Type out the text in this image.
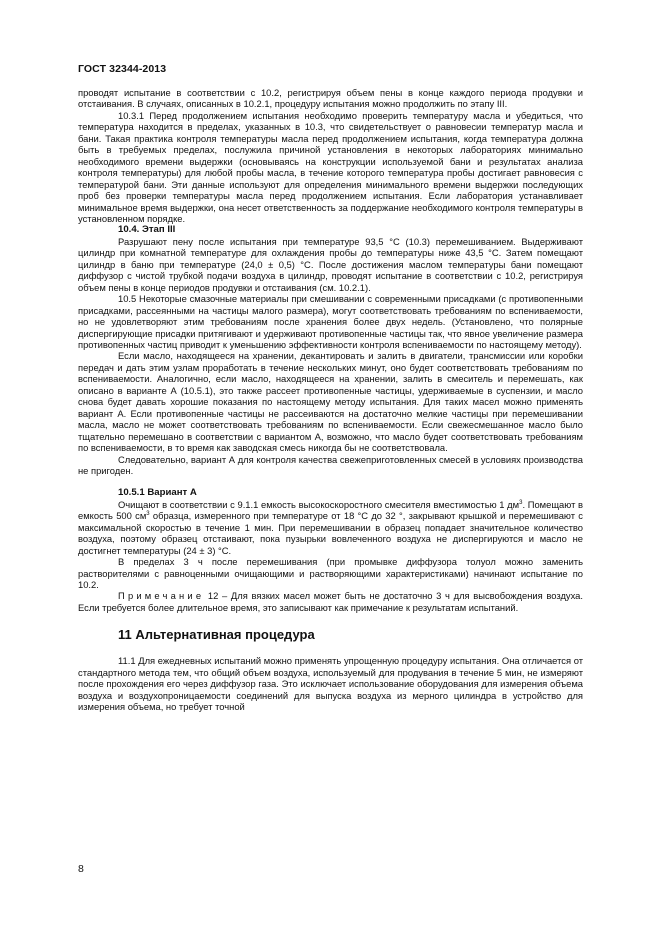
ГОСТ 32344-2013

проводят испытание в соответствии с 10.2, регистрируя объем пены в конце каждого периода продувки и отстаивания. В случаях, описанных в 10.2.1, процедуру испытания можно продолжить по этапу III.

10.3.1 Перед продолжением испытания необходимо проверить температуру масла и убедиться, что температура находится в пределах, указанных в 10.3, что свидетельствует о равновесии температур масла и бани. Такая практика контроля температуры масла перед продолжением испытания, когда температура должна быть в требуемых пределах, послужила причиной установления в некоторых лабораториях минимально необходимого времени выдержки (основываясь на конструкции используемой бани и результатах анализа контроля температуры) для любой пробы масла, в течение которого температура пробы достигает равновесия с температурой бани. Эти данные используют для определения минимального времени выдержки последующих проб без проверки температуры масла перед продолжением испытания. Если лаборатория устанавливает минимальное время выдержки, она несет ответственность за поддержание необходимого контроля температуры в установленном порядке.

10.4. Этап III

Разрушают пену после испытания при температуре 93,5 °С (10.3) перемешиванием. Выдерживают цилиндр при комнатной температуре для охлаждения пробы до температуры ниже 43,5 °С. Затем помещают цилиндр в баню при температуре (24,0 ± 0,5) °С. После достижения маслом температуры бани помещают диффузор с чистой трубкой подачи воздуха в цилиндр, проводят испытание в соответствии с 10.2, регистрируя объем пены в конце периодов продувки и отстаивания (см. 10.2.1).

10.5 Некоторые смазочные материалы при смешивании с современными присадками (с противопенными присадками, рассеянными на частицы малого размера), могут соответствовать требованиям по вспениваемости, но не удовлетворяют этим требованиям после хранения более двух недель. (Установлено, что полярные диспергирующие присадки притягивают и удерживают противопенные частицы так, что явное увеличение размера противопенных частиц приводит к уменьшению эффективности контроля вспениваемости по настоящему методу).

Если масло, находящееся на хранении, декантировать и залить в двигатели, трансмиссии или коробки передач и дать этим узлам проработать в течение нескольких минут, оно будет соответствовать требованиям по вспениваемости. Аналогично, если масло, находящееся на хранении, залить в смеситель и перемешать, как описано в варианте А (10.5.1), это также рассеет противопенные частицы, удерживаемые в суспензии, и масло снова будет давать хорошие показания по настоящему методу испытания. Для таких масел можно применять вариант А. Если противопенные частицы не рассеиваются на достаточно мелкие частицы при перемешивании масла, масло не может соответствовать требованиям по вспениваемости. Если свежесмешанное масло было тщательно перемешано в соответствии с вариантом А, возможно, что масло будет соответствовать требованиям по вспениваемости, в то время как заводская смесь никогда бы не соответствовала.

Следовательно, вариант А для контроля качества свежеприготовленных смесей в условиях производства не пригоден.

10.5.1 Вариант А

Очищают в соответствии с 9.1.1 емкость высокоскоростного смесителя вместимостью 1 $дм^3$. Помещают в емкость 500 $см^3$ образца, измеренного при температуре от 18 °С до 32 °, закрывают крышкой и перемешивают с максимальной скоростью в течение 1 мин. При перемешивании в образец попадает значительное количество воздуха, поэтому образец отстаивают, пока пузырьки вовлеченного воздуха не диспергируются и масло не достигнет температуры (24 ± 3) °С.

В пределах 3 ч после перемешивания (при промывке диффузора толуол можно заменить растворителями с равноценными очищающими и растворяющими характеристиками) начинают испытание по 10.2.

Примечание 12 – Для вязких масел может быть не достаточно 3 ч для высвобождения воздуха. Если требуется более длительное время, это записывают как примечание к результатам испытаний.

11 Альтернативная процедура

11.1 Для ежедневных испытаний можно применять упрощенную процедуру испытания. Она отличается от стандартного метода тем, что общий объем воздуха, используемый для продувания в течение 5 мин, не измеряют после прохождения его через диффузор газа. Это исключает использование оборудования для измерения объема воздуха и воздухопроницаемости соединений для выпуска воздуха из мерного цилиндра в устройство для измерения объема, но требует точной

8
